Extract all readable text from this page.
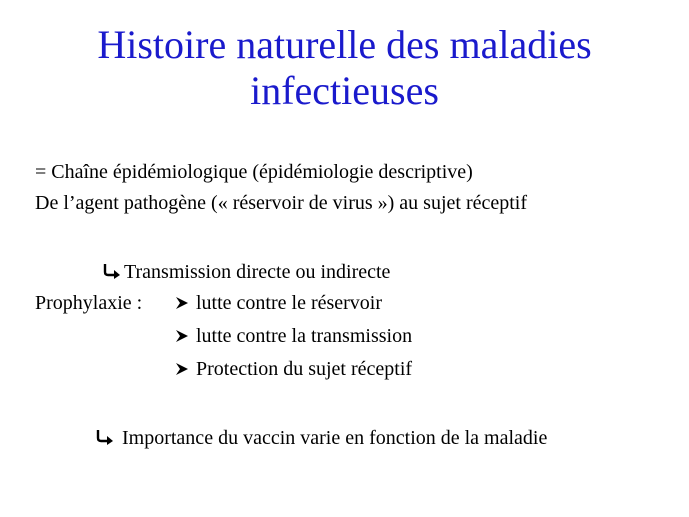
Histoire naturelle des maladies
infectieuses
= Chaîne épidémiologique (épidémiologie descriptive)
De l’agent pathogène (« réservoir de virus ») au sujet réceptif
Transmission directe ou indirecte
Prophylaxie :	lutte contre le réservoir
lutte contre la transmission
Protection du sujet réceptif
Importance du vaccin varie en fonction de la maladie
